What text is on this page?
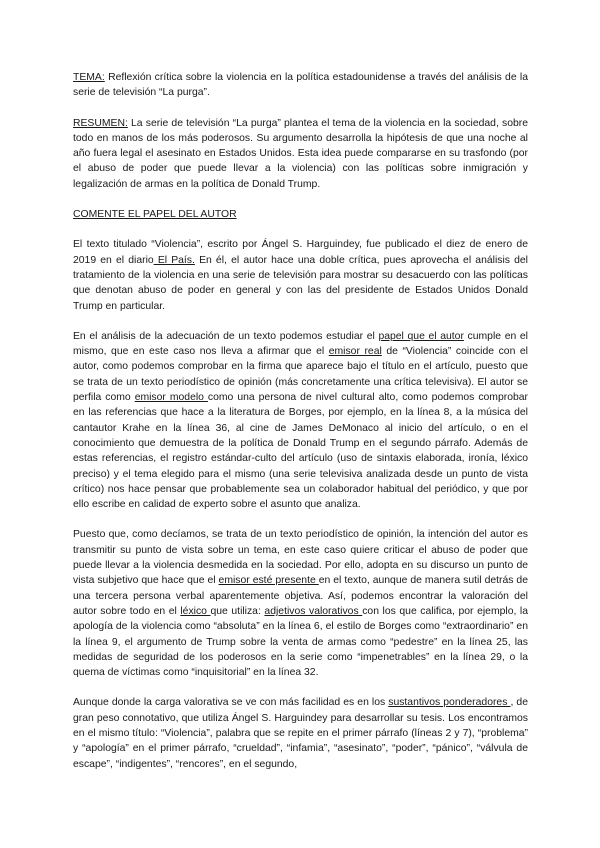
TEMA: Reflexión crítica sobre la violencia en la política estadounidense a través del análisis de la serie de televisión “La purga”.

RESUMEN: La serie de televisión “La purga” plantea el tema de la violencia en la sociedad, sobre todo en manos de los más poderosos. Su argumento desarrolla la hipótesis de que una noche al año fuera legal el asesinato en Estados Unidos. Esta idea puede compararse en su trasfondo (por el abuso de poder que puede llevar a la violencia) con las políticas sobre inmigración y legalización de armas en la política de Donald Trump.

COMENTE EL PAPEL DEL AUTOR

El texto titulado “Violencia”, escrito por Ángel S. Harguindey, fue publicado el diez de enero de 2019 en el diario El País. En él, el autor hace una doble crítica, pues aprovecha el análisis del tratamiento de la violencia en una serie de televisión para mostrar su desacuerdo con las políticas que denotan abuso de poder en general y con las del presidente de Estados Unidos Donald Trump en particular.

En el análisis de la adecuación de un texto podemos estudiar el papel que el autor cumple en el mismo, que en este caso nos lleva a afirmar que el emisor real de “Violencia” coincide con el autor, como podemos comprobar en la firma que aparece bajo el título en el artículo, puesto que se trata de un texto periodístico de opinión (más concretamente una crítica televisiva). El autor se perfila como emisor modelo como una persona de nivel cultural alto, como podemos comprobar en las referencias que hace a la literatura de Borges, por ejemplo, en la línea 8, a la música del cantautor Krahe en la línea 36, al cine de James DeMonaco al inicio del artículo, o en el conocimiento que demuestra de la política de Donald Trump en el segundo párrafo. Además de estas referencias, el registro estándar-culto del artículo (uso de sintaxis elaborada, ironía, léxico preciso) y el tema elegido para el mismo (una serie televisiva analizada desde un punto de vista crítico) nos hace pensar que probablemente sea un colaborador habitual del periódico, y que por ello escribe en calidad de experto sobre el asunto que analiza.

Puesto que, como decíamos, se trata de un texto periodístico de opinión, la intención del autor es transmitir su punto de vista sobre un tema, en este caso quiere criticar el abuso de poder que puede llevar a la violencia desmedida en la sociedad. Por ello, adopta en su discurso un punto de vista subjetivo que hace que el emisor esté presente en el texto, aunque de manera sutil detrás de una tercera persona verbal aparentemente objetiva. Así, podemos encontrar la valoración del autor sobre todo en el léxico que utiliza: adjetivos valorativos con los que califica, por ejemplo, la apología de la violencia como “absoluta” en la línea 6, el estilo de Borges como “extraordinario” en la línea 9, el argumento de Trump sobre la venta de armas como “pedestre” en la línea 25, las medidas de seguridad de los poderosos en la serie como “impenetrables” en la línea 29, o la quema de víctimas como “inquisitorial” en la línea 32.

Aunque donde la carga valorativa se ve con más facilidad es en los sustantivos ponderadores , de gran peso connotativo, que utiliza Ángel S. Harguindey para desarrollar su tesis. Los encontramos en el mismo título: “Violencia”, palabra que se repite en el primer párrafo (líneas 2 y 7), “problema” y “apología” en el primer párrafo, “crueldad”, “infamia”, “asesinato”, “poder”, “pánico”, “válvula de escape”, “indigentes”, “rencores”, en el segundo,
